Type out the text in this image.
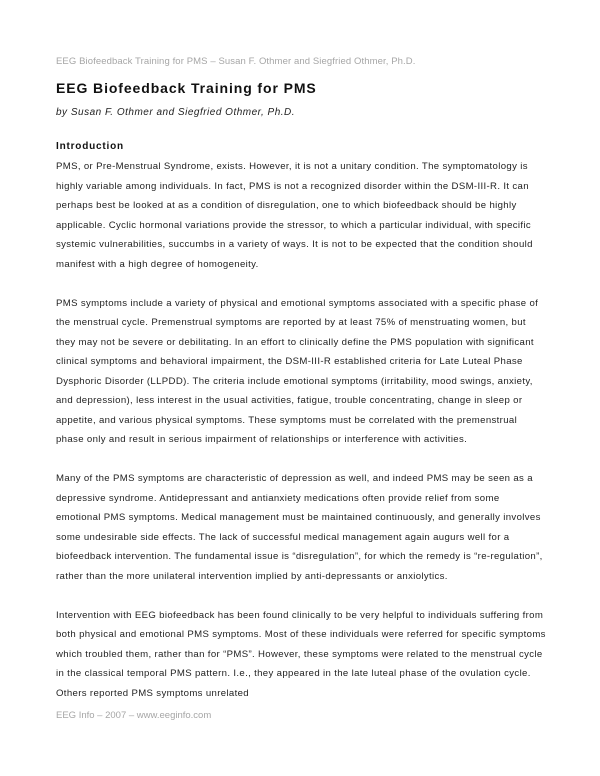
EEG Biofeedback Training for PMS – Susan F. Othmer and Siegfried Othmer, Ph.D.
EEG Biofeedback Training for PMS
by Susan F. Othmer and Siegfried Othmer, Ph.D.
Introduction

PMS, or Pre-Menstrual Syndrome, exists. However, it is not a unitary condition. The symptomatology is highly variable among individuals. In fact, PMS is not a recognized disorder within the DSM-III-R. It can perhaps best be looked at as a condition of disregulation, one to which biofeedback should be highly applicable. Cyclic hormonal variations provide the stressor, to which a particular individual, with specific systemic vulnerabilities, succumbs in a variety of ways. It is not to be expected that the condition should manifest with a high degree of homogeneity.

PMS symptoms include a variety of physical and emotional symptoms associated with a specific phase of the menstrual cycle. Premenstrual symptoms are reported by at least 75% of menstruating women, but they may not be severe or debilitating. In an effort to clinically define the PMS population with significant clinical symptoms and behavioral impairment, the DSM-III-R established criteria for Late Luteal Phase Dysphoric Disorder (LLPDD). The criteria include emotional symptoms (irritability, mood swings, anxiety, and depression), less interest in the usual activities, fatigue, trouble concentrating, change in sleep or appetite, and various physical symptoms. These symptoms must be correlated with the premenstrual phase only and result in serious impairment of relationships or interference with activities.

Many of the PMS symptoms are characteristic of depression as well, and indeed PMS may be seen as a depressive syndrome. Antidepressant and antianxiety medications often provide relief from some emotional PMS symptoms. Medical management must be maintained continuously, and generally involves some undesirable side effects. The lack of successful medical management again augurs well for a biofeedback intervention. The fundamental issue is “disregulation”, for which the remedy is “re-regulation”, rather than the more unilateral intervention implied by anti-depressants or anxiolytics.

Intervention with EEG biofeedback has been found clinically to be very helpful to individuals suffering from both physical and emotional PMS symptoms. Most of these individuals were referred for specific symptoms which troubled them, rather than for “PMS”. However, these symptoms were related to the menstrual cycle in the classical temporal PMS pattern. I.e., they appeared in the late luteal phase of the ovulation cycle. Others reported PMS symptoms unrelated

EEG Info – 2007 – www.eeginfo.com
